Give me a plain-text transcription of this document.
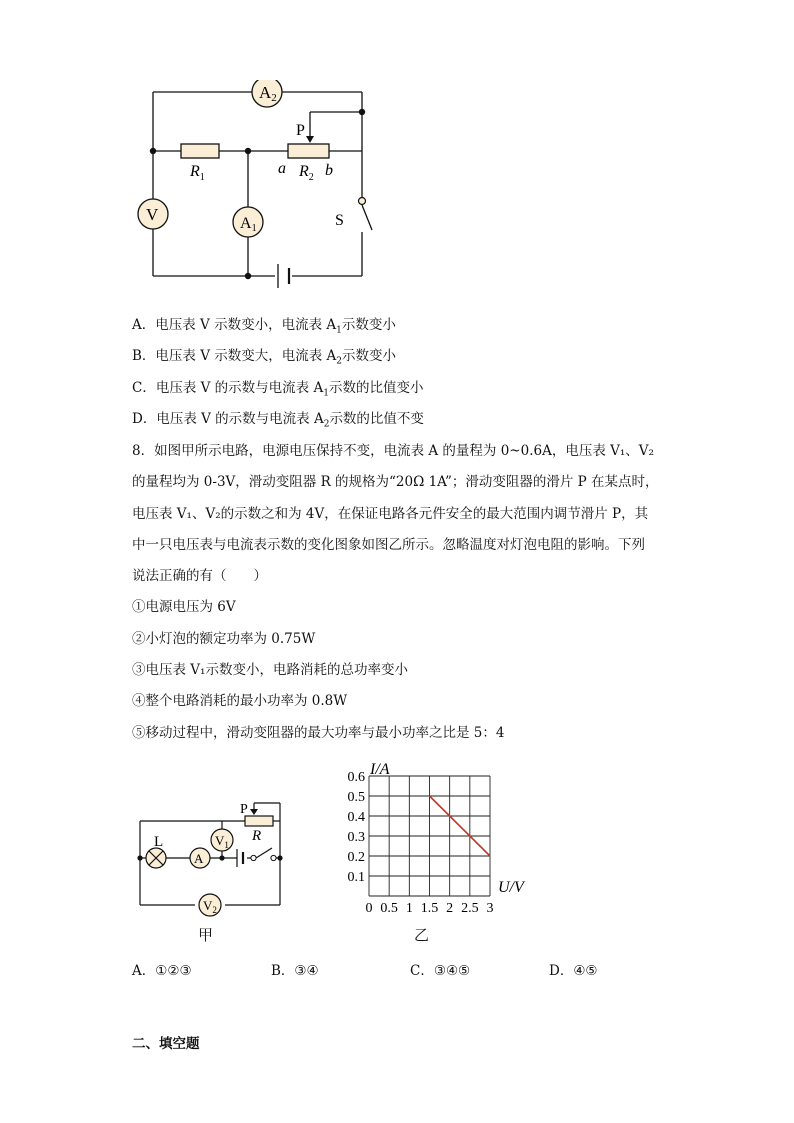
A2
V	A1
P
$R_1$
a $R_2$ b
S
A．电压表 V 示数变小，电流表 $A_1$示数变小
B．电压表 V 示数变大，电流表 $A_2$示数变小
C．电压表 V 的示数与电流表 $A_1$示数的比值变小
D．电压表 V 的示数与电流表 $A_2$示数的比值不变
8．如图甲所示电路，电源电压保持不变，电流表 A 的量程为 0~0.6A，电压表 V₁、V₂
的量程均为 0-3V，滑动变阻器 R 的规格为“20Ω 1A”；滑动变阻器的滑片 P 在某点时，
电压表 V₁、V₂的示数之和为 4V，在保证电路各元件安全的最大范围内调节滑片 P，其
中一只电压表与电流表示数的变化图象如图乙所示。忽略温度对灯泡电阻的影响。下列
说法正确的有（　　）
①电源电压为 6V
②小灯泡的额定功率为 0.75W
③电压表 V₁示数变小，电路消耗的总功率变小
④整个电路消耗的最小功率为 0.8W
⑤移动过程中，滑动变阻器的最大功率与最小功率之比是 5：4
L
A
$V_1$
$V_2$
P
R
甲
0 0.5 1 1.5 2 2.5 3
0.1
0.2
0.3
0.4
0.5
0.6 I/A
U/V
乙
A．①②③	B．③④	C．③④⑤	D．④⑤
二、填空题
